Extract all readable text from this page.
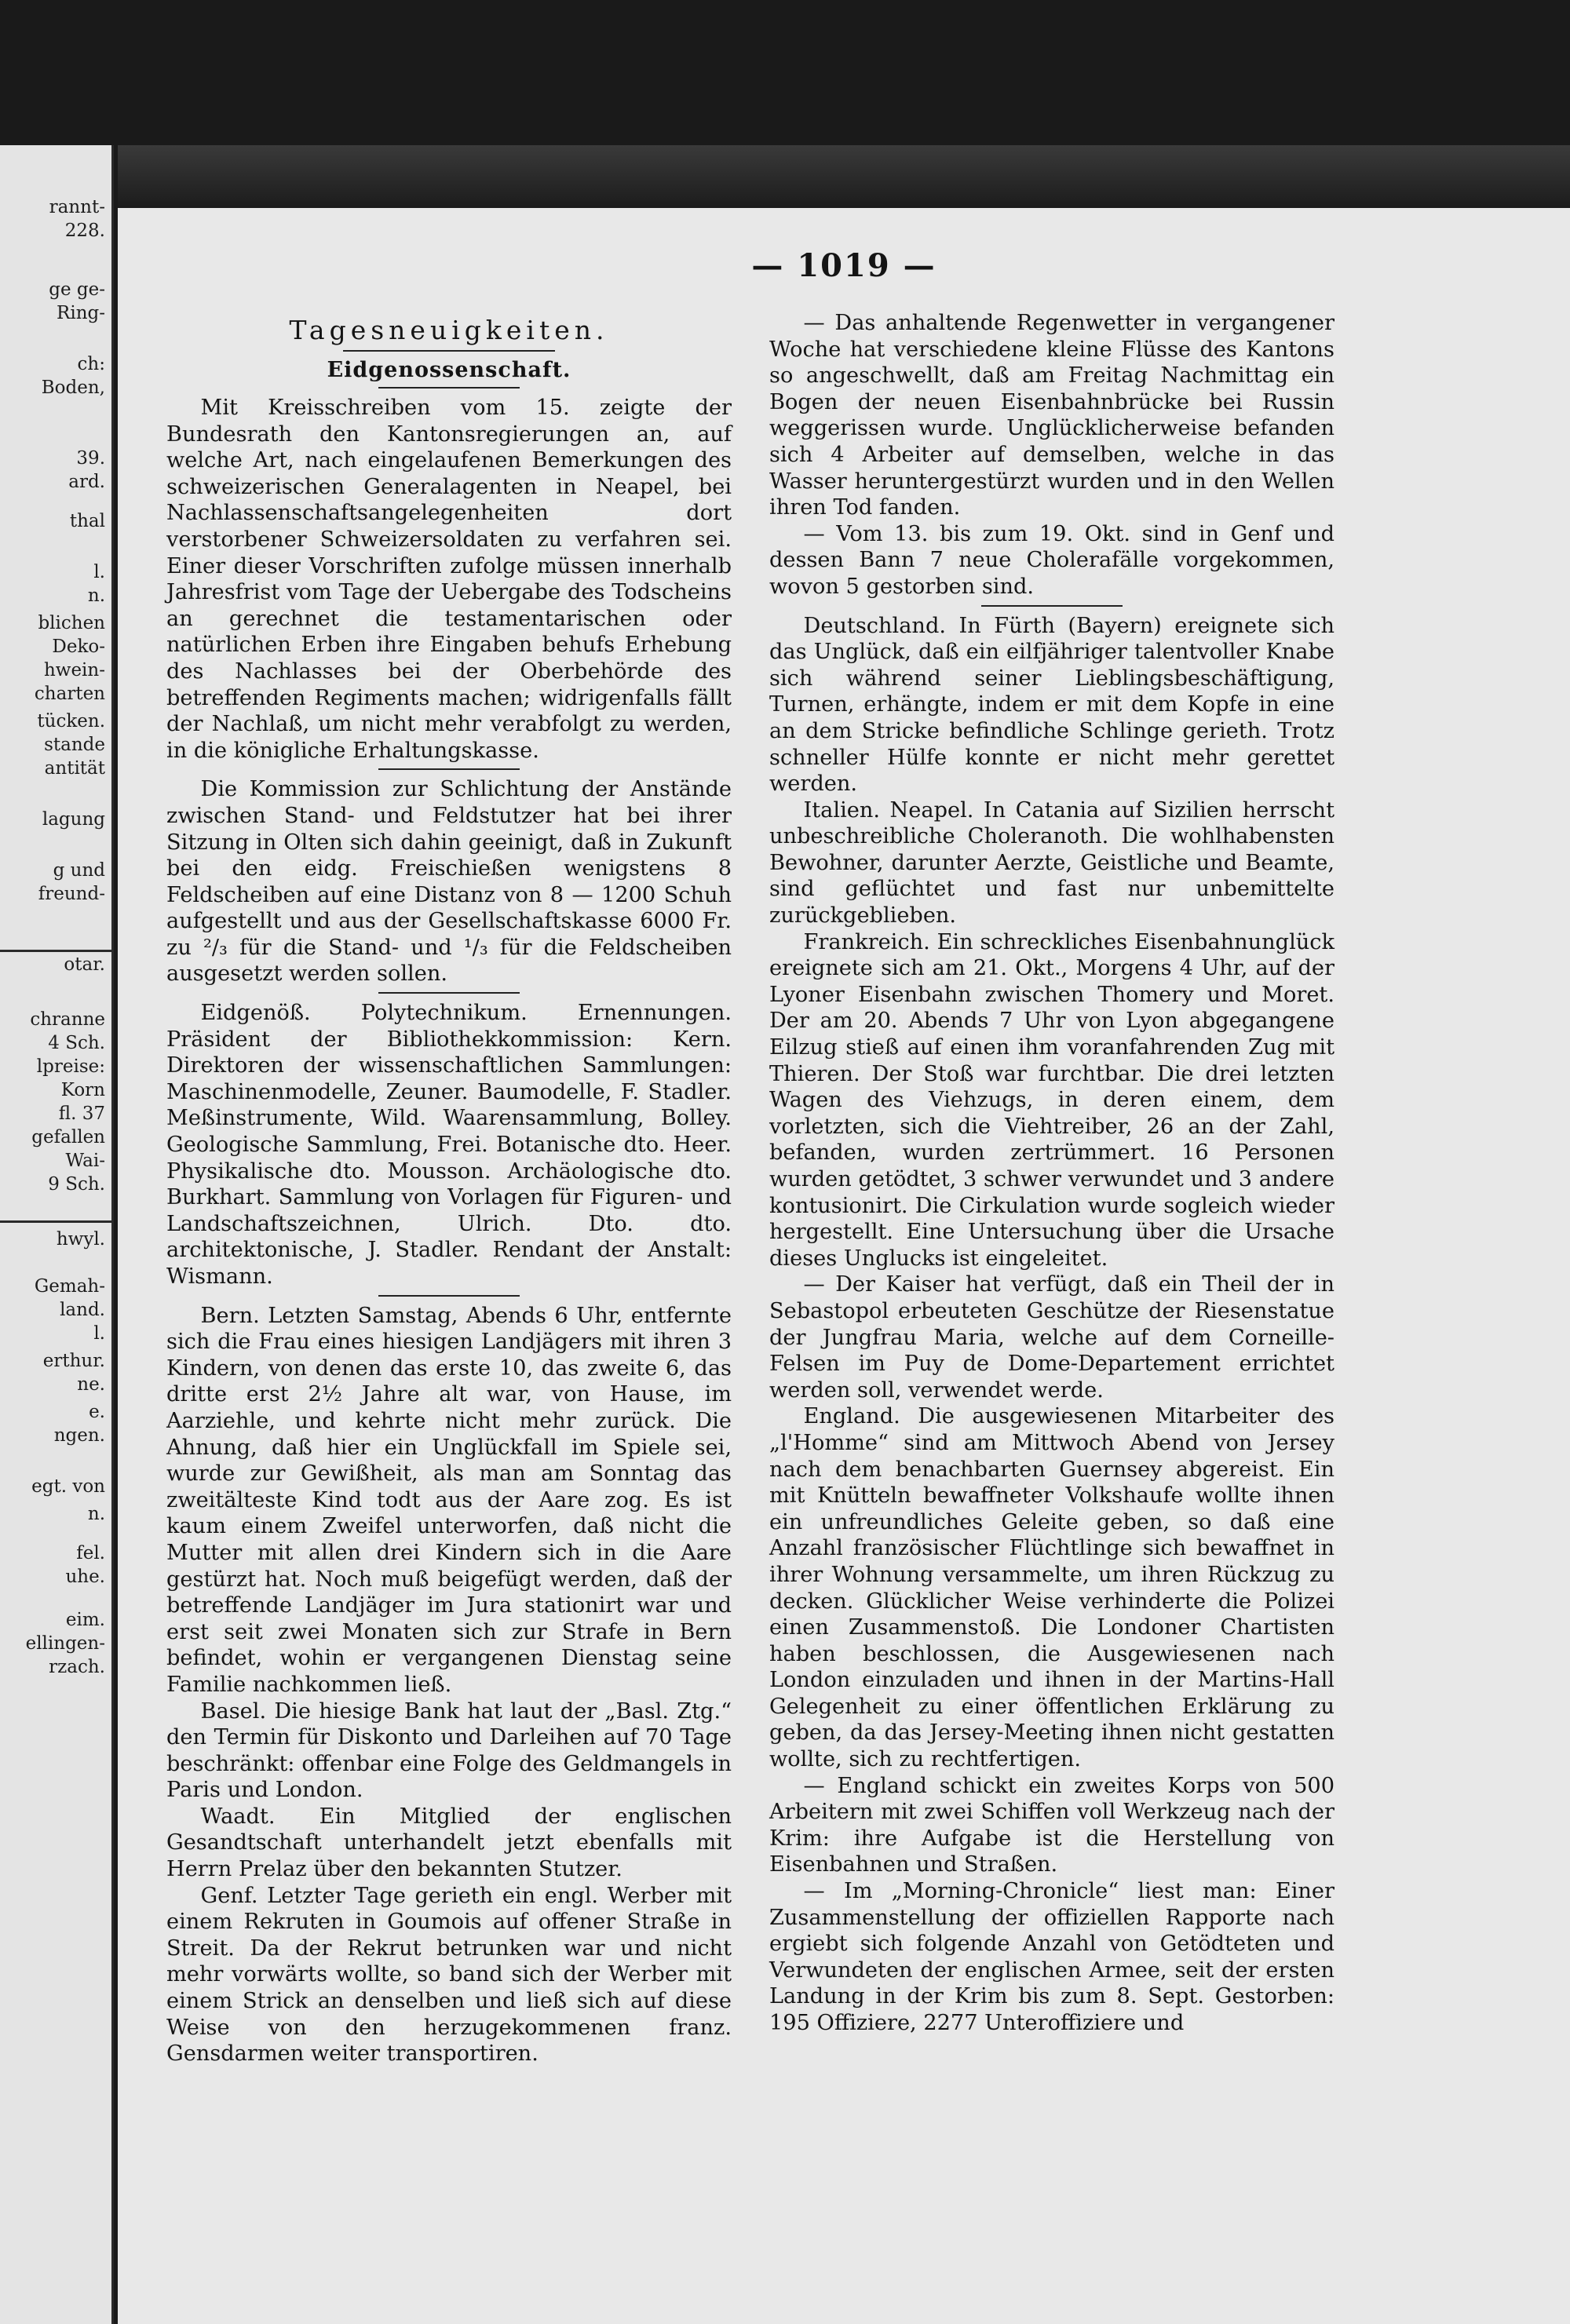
rannt-
228.
ge ge-
Ring-
ch:
Boden,
39.
ard.
thal
l.
n.
blichen
Deko-
hwein-
charten
tücken.
stande
antität
lagung
g und
freund-
otar.
chranne
4 Sch.
lpreise:
Korn
fl. 37
gefallen
Wai-
9 Sch.
hwyl.
Gemah-
land.
l.
erthur.
ne.
e.
ngen.
egt. von
n.
fel.
uhe.
eim.
ellingen-
rzach.
— 1019 —
Tagesneuigkeiten.
Eidgenossenschaft.

Mit Kreisschreiben vom 15. zeigte der Bundesrath den Kantonsregierungen an, auf welche Art, nach eingelaufenen Bemerkungen des schweizerischen Generalagenten in Neapel, bei Nachlassenschaftsangelegenheiten dort verstorbener Schweizersoldaten zu verfahren sei. Einer dieser Vorschriften zufolge müssen innerhalb Jahresfrist vom Tage der Uebergabe des Todscheins an gerechnet die testamentarischen oder natürlichen Erben ihre Eingaben behufs Erhebung des Nachlasses bei der Oberbehörde des betreffenden Regiments machen; widrigenfalls fällt der Nachlaß, um nicht mehr verabfolgt zu werden, in die königliche Erhaltungskasse.

Die Kommission zur Schlichtung der Anstände zwischen Stand- und Feldstutzer hat bei ihrer Sitzung in Olten sich dahin geeinigt, daß in Zukunft bei den eidg. Freischießen wenigstens 8 Feldscheiben auf eine Distanz von 8 — 1200 Schuh aufgestellt und aus der Gesellschaftskasse 6000 Fr. zu ²/₃ für die Stand- und ¹/₃ für die Feldscheiben ausgesetzt werden sollen.

Eidgenöß. Polytechnikum. Ernennungen. Präsident der Bibliothekkommission: Kern. Direktoren der wissenschaftlichen Sammlungen: Maschinenmodelle, Zeuner. Baumodelle, F. Stadler. Meßinstrumente, Wild. Waarensammlung, Bolley. Geologische Sammlung, Frei. Botanische dto. Heer. Physikalische dto. Mousson. Archäologische dto. Burkhart. Sammlung von Vorlagen für Figuren- und Landschaftszeichnen, Ulrich. Dto. dto. architektonische, J. Stadler. Rendant der Anstalt: Wismann.

Bern. Letzten Samstag, Abends 6 Uhr, entfernte sich die Frau eines hiesigen Landjägers mit ihren 3 Kindern, von denen das erste 10, das zweite 6, das dritte erst 2½ Jahre alt war, von Hause, im Aarziehle, und kehrte nicht mehr zurück. Die Ahnung, daß hier ein Unglückfall im Spiele sei, wurde zur Gewißheit, als man am Sonntag das zweitälteste Kind todt aus der Aare zog. Es ist kaum einem Zweifel unterworfen, daß nicht die Mutter mit allen drei Kindern sich in die Aare gestürzt hat. Noch muß beigefügt werden, daß der betreffende Landjäger im Jura stationirt war und erst seit zwei Monaten sich zur Strafe in Bern befindet, wohin er vergangenen Dienstag seine Familie nachkommen ließ.

Basel. Die hiesige Bank hat laut der „Basl. Ztg.“ den Termin für Diskonto und Darleihen auf 70 Tage beschränkt: offenbar eine Folge des Geldmangels in Paris und London.

Waadt. Ein Mitglied der englischen Gesandtschaft unterhandelt jetzt ebenfalls mit Herrn Prelaz über den bekannten Stutzer.

Genf. Letzter Tage gerieth ein engl. Werber mit einem Rekruten in Goumois auf offener Straße in Streit. Da der Rekrut betrunken war und nicht mehr vorwärts wollte, so band sich der Werber mit einem Strick an denselben und ließ sich auf diese Weise von den herzugekommenen franz. Gensdarmen weiter transportiren.

— Das anhaltende Regenwetter in vergangener Woche hat verschiedene kleine Flüsse des Kantons so angeschwellt, daß am Freitag Nachmittag ein Bogen der neuen Eisenbahnbrücke bei Russin weggerissen wurde. Unglücklicherweise befanden sich 4 Arbeiter auf demselben, welche in das Wasser heruntergestürzt wurden und in den Wellen ihren Tod fanden.

— Vom 13. bis zum 19. Okt. sind in Genf und dessen Bann 7 neue Cholerafälle vorgekommen, wovon 5 gestorben sind.

Deutschland. In Fürth (Bayern) ereignete sich das Unglück, daß ein eilfjähriger talentvoller Knabe sich während seiner Lieblingsbeschäftigung, Turnen, erhängte, indem er mit dem Kopfe in eine an dem Stricke befindliche Schlinge gerieth. Trotz schneller Hülfe konnte er nicht mehr gerettet werden.

Italien. Neapel. In Catania auf Sizilien herrscht unbeschreibliche Choleranoth. Die wohlhabensten Bewohner, darunter Aerzte, Geistliche und Beamte, sind geflüchtet und fast nur unbemittelte zurückgeblieben.

Frankreich. Ein schreckliches Eisenbahnunglück ereignete sich am 21. Okt., Morgens 4 Uhr, auf der Lyoner Eisenbahn zwischen Thomery und Moret. Der am 20. Abends 7 Uhr von Lyon abgegangene Eilzug stieß auf einen ihm voranfahrenden Zug mit Thieren. Der Stoß war furchtbar. Die drei letzten Wagen des Viehzugs, in deren einem, dem vorletzten, sich die Viehtreiber, 26 an der Zahl, befanden, wurden zertrümmert. 16 Personen wurden getödtet, 3 schwer verwundet und 3 andere kontusionirt. Die Cirkulation wurde sogleich wieder hergestellt. Eine Untersuchung über die Ursache dieses Unglucks ist eingeleitet.

— Der Kaiser hat verfügt, daß ein Theil der in Sebastopol erbeuteten Geschütze der Riesenstatue der Jungfrau Maria, welche auf dem Corneille-Felsen im Puy de Dome-Departement errichtet werden soll, verwendet werde.

England. Die ausgewiesenen Mitarbeiter des „l'Homme“ sind am Mittwoch Abend von Jersey nach dem benachbarten Guernsey abgereist. Ein mit Knütteln bewaffneter Volkshaufe wollte ihnen ein unfreundliches Geleite geben, so daß eine Anzahl französischer Flüchtlinge sich bewaffnet in ihrer Wohnung versammelte, um ihren Rückzug zu decken. Glücklicher Weise verhinderte die Polizei einen Zusammenstoß. Die Londoner Chartisten haben beschlossen, die Ausgewiesenen nach London einzuladen und ihnen in der Martins-Hall Gelegenheit zu einer öffentlichen Erklärung zu geben, da das Jersey-Meeting ihnen nicht gestatten wollte, sich zu rechtfertigen.

— England schickt ein zweites Korps von 500 Arbeitern mit zwei Schiffen voll Werkzeug nach der Krim: ihre Aufgabe ist die Herstellung von Eisenbahnen und Straßen.

— Im „Morning-Chronicle“ liest man: Einer Zusammenstellung der offiziellen Rapporte nach ergiebt sich folgende Anzahl von Getödteten und Verwundeten der englischen Armee, seit der ersten Landung in der Krim bis zum 8. Sept. Gestorben: 195 Offiziere, 2277 Unteroffiziere und
